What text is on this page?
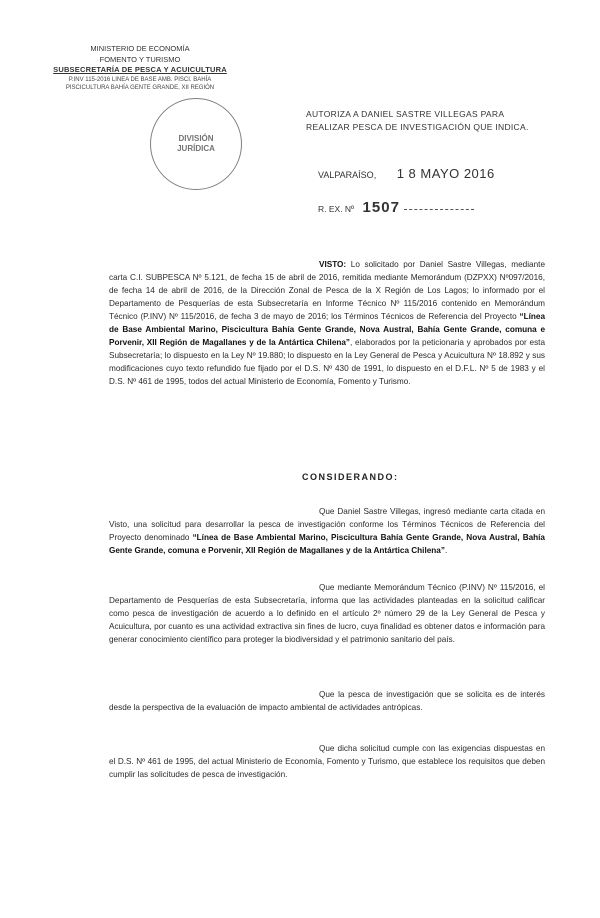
MINISTERIO DE ECONOMÍA
FOMENTO Y TURISMO
SUBSECRETARÍA DE PESCA Y ACUICULTURA
P.INV 115-2016 LINEA DE BASE AMB. PISCI. BAHÍA
PISCICULTURA BAHÍA GENTE GRANDE, XII REGIÓN
DIVISIÓN
JURÍDICA
AUTORIZA A DANIEL SASTRE VILLEGAS PARA REALIZAR PESCA DE INVESTIGACIÓN QUE INDICA.
VALPARAÍSO, 1 8 MAYO 2016
R. EX. Nº 1507
VISTO: Lo solicitado por Daniel Sastre Villegas, mediante carta C.I. SUBPESCA Nº 5.121, de fecha 15 de abril de 2016, remitida mediante Memorándum (DZPXX) Nº097/2016, de fecha 14 de abril de 2016, de la Dirección Zonal de Pesca de la X Región de Los Lagos; lo informado por el Departamento de Pesquerías de esta Subsecretaría en Informe Técnico Nº 115/2016 contenido en Memorándum Técnico (P.INV) Nº 115/2016, de fecha 3 de mayo de 2016; los Términos Técnicos de Referencia del Proyecto “Línea de Base Ambiental Marino, Piscicultura Bahía Gente Grande, Nova Austral, Bahía Gente Grande, comuna e Porvenir, XII Región de Magallanes y de la Antártica Chilena”, elaborados por la peticionaria y aprobados por esta Subsecretaría; lo dispuesto en la Ley Nº 19.880; lo dispuesto en la Ley General de Pesca y Acuicultura Nº 18.892 y sus modificaciones cuyo texto refundido fue fijado por el D.S. Nº 430 de 1991, lo dispuesto en el D.F.L. Nº 5 de 1983 y el D.S. Nº 461 de 1995, todos del actual Ministerio de Economía, Fomento y Turismo.
CONSIDERANDO:
Que Daniel Sastre Villegas, ingresó mediante carta citada en Visto, una solicitud para desarrollar la pesca de investigación conforme los Términos Técnicos de Referencia del Proyecto denominado “Línea de Base Ambiental Marino, Piscicultura Bahía Gente Grande, Nova Austral, Bahía Gente Grande, comuna e Porvenir, XII Región de Magallanes y de la Antártica Chilena”.
Que mediante Memorándum Técnico (P.INV) Nº 115/2016, el Departamento de Pesquerías de esta Subsecretaría, informa que las actividades planteadas en la solicitud calificar como pesca de investigación de acuerdo a lo definido en el artículo 2º número 29 de la Ley General de Pesca y Acuicultura, por cuanto es una actividad extractiva sin fines de lucro, cuya finalidad es obtener datos e información para generar conocimiento científico para proteger la biodiversidad y el patrimonio sanitario del país.
Que la pesca de investigación que se solicita es de interés desde la perspectiva de la evaluación de impacto ambiental de actividades antrópicas.
Que dicha solicitud cumple con las exigencias dispuestas en el D.S. Nº 461 de 1995, del actual Ministerio de Economía, Fomento y Turismo, que establece los requisitos que deben cumplir las solicitudes de pesca de investigación.
